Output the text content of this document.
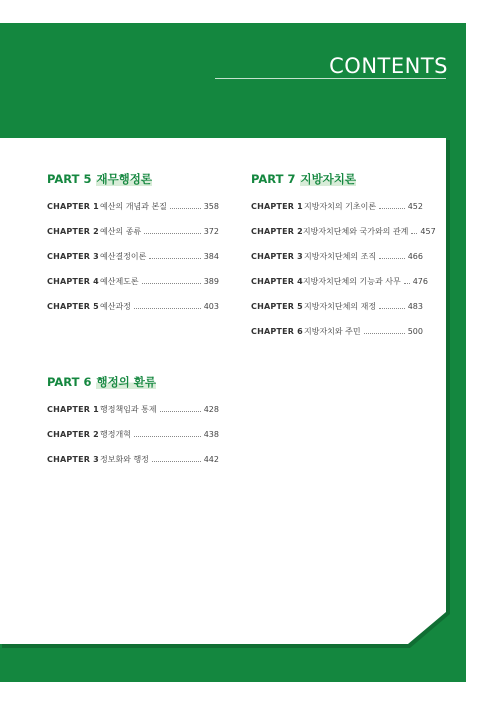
CONTENTS
PART 5 재무행정론
CHAPTER 1 예산의 개념과 본질	358
CHAPTER 2 예산의 종류	372
CHAPTER 3 예산결정이론	384
CHAPTER 4 예산제도론	389
CHAPTER 5 예산과정	403
PART 6 행정의 환류
CHAPTER 1 행정책임과 통제	428
CHAPTER 2 행정개혁	438
CHAPTER 3 정보화와 행정	442
PART 7 지방자치론
CHAPTER 1 지방자치의 기초이론	452
CHAPTER 2 지방자치단체와 국가와의 관계 457
CHAPTER 3 지방자치단체의 조직	466
CHAPTER 4 지방자치단체의 기능과 사무 476
CHAPTER 5 지방자치단체의 재정	483
CHAPTER 6 지방자치와 주민	500
